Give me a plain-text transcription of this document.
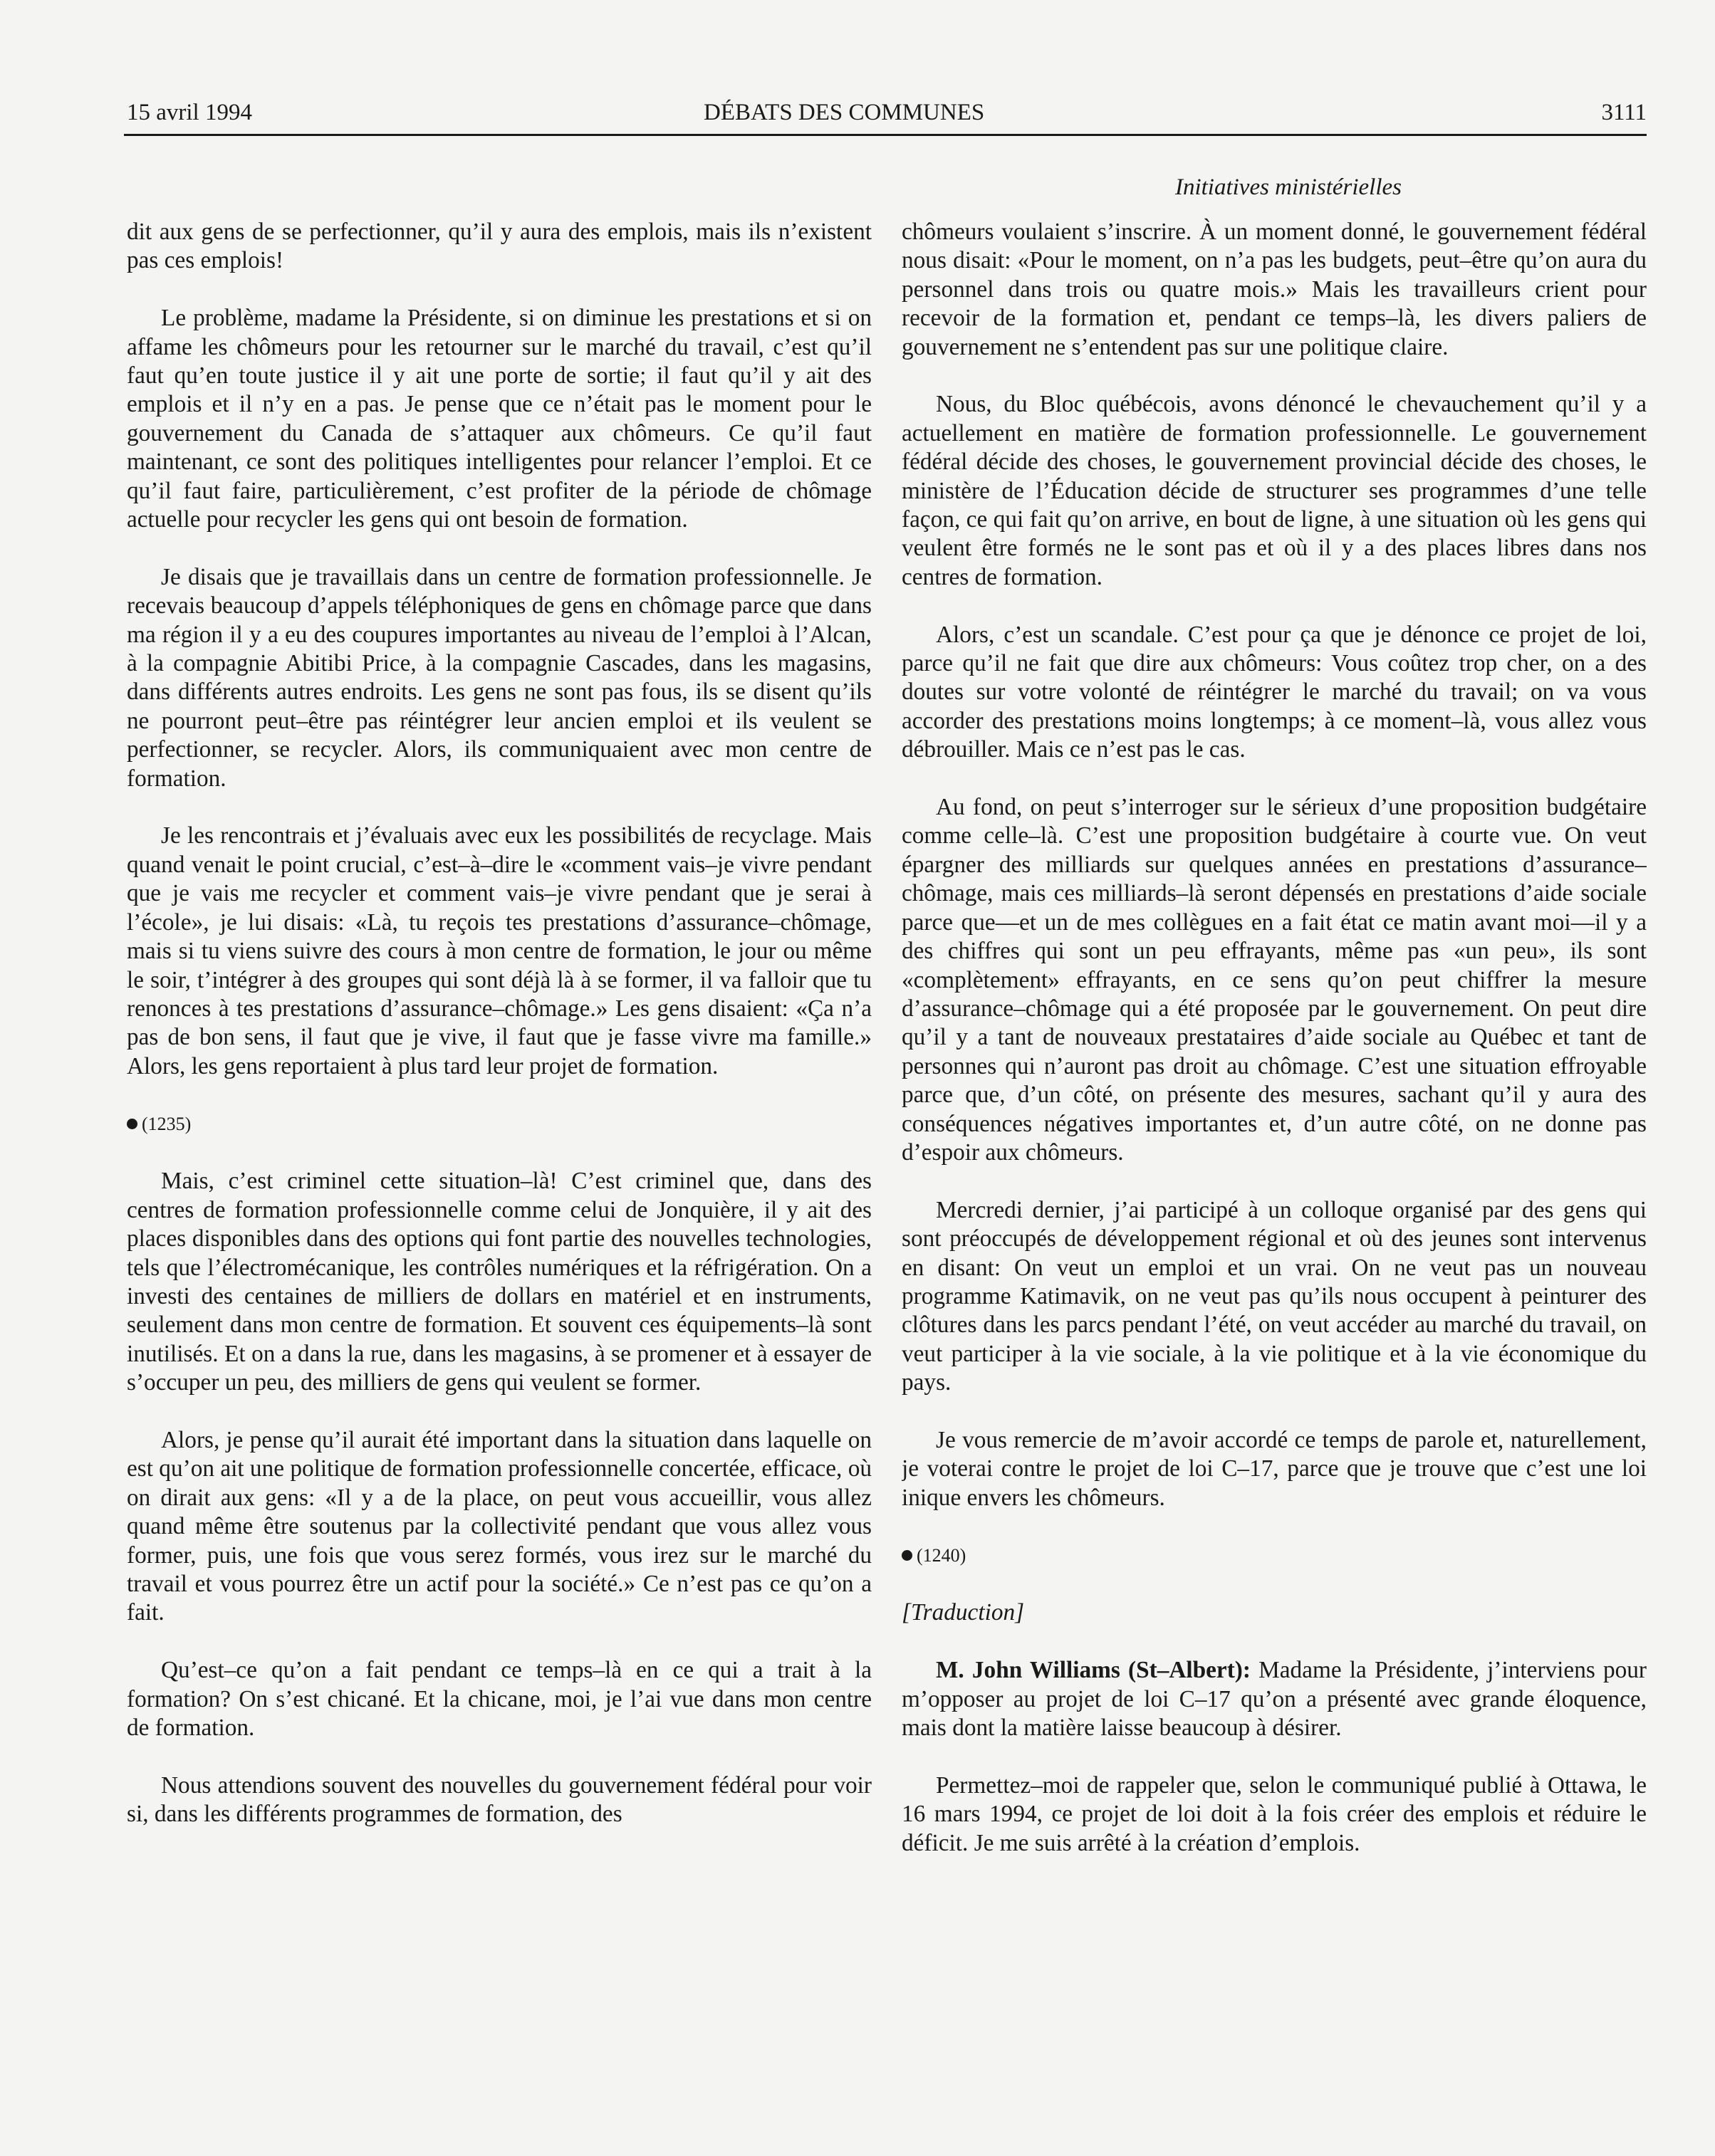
15 avril 1994	DÉBATS DES COMMUNES	3111
Initiatives ministérielles

dit aux gens de se perfectionner, qu’il y aura des emplois, mais ils n’existent pas ces emplois!

Le problème, madame la Présidente, si on diminue les prestations et si on affame les chômeurs pour les retourner sur le marché du travail, c’est qu’il faut qu’en toute justice il y ait une porte de sortie; il faut qu’il y ait des emplois et il n’y en a pas. Je pense que ce n’était pas le moment pour le gouvernement du Canada de s’attaquer aux chômeurs. Ce qu’il faut maintenant, ce sont des politiques intelligentes pour relancer l’emploi. Et ce qu’il faut faire, particulièrement, c’est profiter de la période de chômage actuelle pour recycler les gens qui ont besoin de formation.

Je disais que je travaillais dans un centre de formation professionnelle. Je recevais beaucoup d’appels téléphoniques de gens en chômage parce que dans ma région il y a eu des coupures importantes au niveau de l’emploi à l’Alcan, à la compagnie Abitibi Price, à la compagnie Cascades, dans les magasins, dans différents autres endroits. Les gens ne sont pas fous, ils se disent qu’ils ne pourront peut–être pas réintégrer leur ancien emploi et ils veulent se perfectionner, se recycler. Alors, ils communiquaient avec mon centre de formation.

Je les rencontrais et j’évaluais avec eux les possibilités de recyclage. Mais quand venait le point crucial, c’est–à–dire le «comment vais–je vivre pendant que je vais me recycler et comment vais–je vivre pendant que je serai à l’école», je lui disais: «Là, tu reçois tes prestations d’assurance–chômage, mais si tu viens suivre des cours à mon centre de formation, le jour ou même le soir, t’intégrer à des groupes qui sont déjà là à se former, il va falloir que tu renonces à tes prestations d’assurance–chômage.» Les gens disaient: «Ça n’a pas de bon sens, il faut que je vive, il faut que je fasse vivre ma famille.» Alors, les gens reportaient à plus tard leur projet de formation.

(1235)

Mais, c’est criminel cette situation–là! C’est criminel que, dans des centres de formation professionnelle comme celui de Jonquière, il y ait des places disponibles dans des options qui font partie des nouvelles technologies, tels que l’électromécanique, les contrôles numériques et la réfrigération. On a investi des centaines de milliers de dollars en matériel et en instruments, seulement dans mon centre de formation. Et souvent ces équipements–là sont inutilisés. Et on a dans la rue, dans les magasins, à se promener et à essayer de s’occuper un peu, des milliers de gens qui veulent se former.

Alors, je pense qu’il aurait été important dans la situation dans laquelle on est qu’on ait une politique de formation professionnelle concertée, efficace, où on dirait aux gens: «Il y a de la place, on peut vous accueillir, vous allez quand même être soutenus par la collectivité pendant que vous allez vous former, puis, une fois que vous serez formés, vous irez sur le marché du travail et vous pourrez être un actif pour la société.» Ce n’est pas ce qu’on a fait.

Qu’est–ce qu’on a fait pendant ce temps–là en ce qui a trait à la formation? On s’est chicané. Et la chicane, moi, je l’ai vue dans mon centre de formation.

Nous attendions souvent des nouvelles du gouvernement fédéral pour voir si, dans les différents programmes de formation, des

chômeurs voulaient s’inscrire. À un moment donné, le gouvernement fédéral nous disait: «Pour le moment, on n’a pas les budgets, peut–être qu’on aura du personnel dans trois ou quatre mois.» Mais les travailleurs crient pour recevoir de la formation et, pendant ce temps–là, les divers paliers de gouvernement ne s’entendent pas sur une politique claire.

Nous, du Bloc québécois, avons dénoncé le chevauchement qu’il y a actuellement en matière de formation professionnelle. Le gouvernement fédéral décide des choses, le gouvernement provincial décide des choses, le ministère de l’Éducation décide de structurer ses programmes d’une telle façon, ce qui fait qu’on arrive, en bout de ligne, à une situation où les gens qui veulent être formés ne le sont pas et où il y a des places libres dans nos centres de formation.

Alors, c’est un scandale. C’est pour ça que je dénonce ce projet de loi, parce qu’il ne fait que dire aux chômeurs: Vous coûtez trop cher, on a des doutes sur votre volonté de réintégrer le marché du travail; on va vous accorder des prestations moins longtemps; à ce moment–là, vous allez vous débrouiller. Mais ce n’est pas le cas.

Au fond, on peut s’interroger sur le sérieux d’une proposition budgétaire comme celle–là. C’est une proposition budgétaire à courte vue. On veut épargner des milliards sur quelques années en prestations d’assurance–chômage, mais ces milliards–là seront dépensés en prestations d’aide sociale parce que—et un de mes collègues en a fait état ce matin avant moi—il y a des chiffres qui sont un peu effrayants, même pas «un peu», ils sont «complètement» effrayants, en ce sens qu’on peut chiffrer la mesure d’assurance–chômage qui a été proposée par le gouvernement. On peut dire qu’il y a tant de nouveaux prestataires d’aide sociale au Québec et tant de personnes qui n’auront pas droit au chômage. C’est une situation effroyable parce que, d’un côté, on présente des mesures, sachant qu’il y aura des conséquences négatives importantes et, d’un autre côté, on ne donne pas d’espoir aux chômeurs.

Mercredi dernier, j’ai participé à un colloque organisé par des gens qui sont préoccupés de développement régional et où des jeunes sont intervenus en disant: On veut un emploi et un vrai. On ne veut pas un nouveau programme Katimavik, on ne veut pas qu’ils nous occupent à peinturer des clôtures dans les parcs pendant l’été, on veut accéder au marché du travail, on veut participer à la vie sociale, à la vie politique et à la vie économique du pays.

Je vous remercie de m’avoir accordé ce temps de parole et, naturellement, je voterai contre le projet de loi C–17, parce que je trouve que c’est une loi inique envers les chômeurs.

(1240)

[Traduction]

M. John Williams (St–Albert): Madame la Présidente, j’interviens pour m’opposer au projet de loi C–17 qu’on a présenté avec grande éloquence, mais dont la matière laisse beaucoup à désirer.

Permettez–moi de rappeler que, selon le communiqué publié à Ottawa, le 16 mars 1994, ce projet de loi doit à la fois créer des emplois et réduire le déficit. Je me suis arrêté à la création d’emplois.
